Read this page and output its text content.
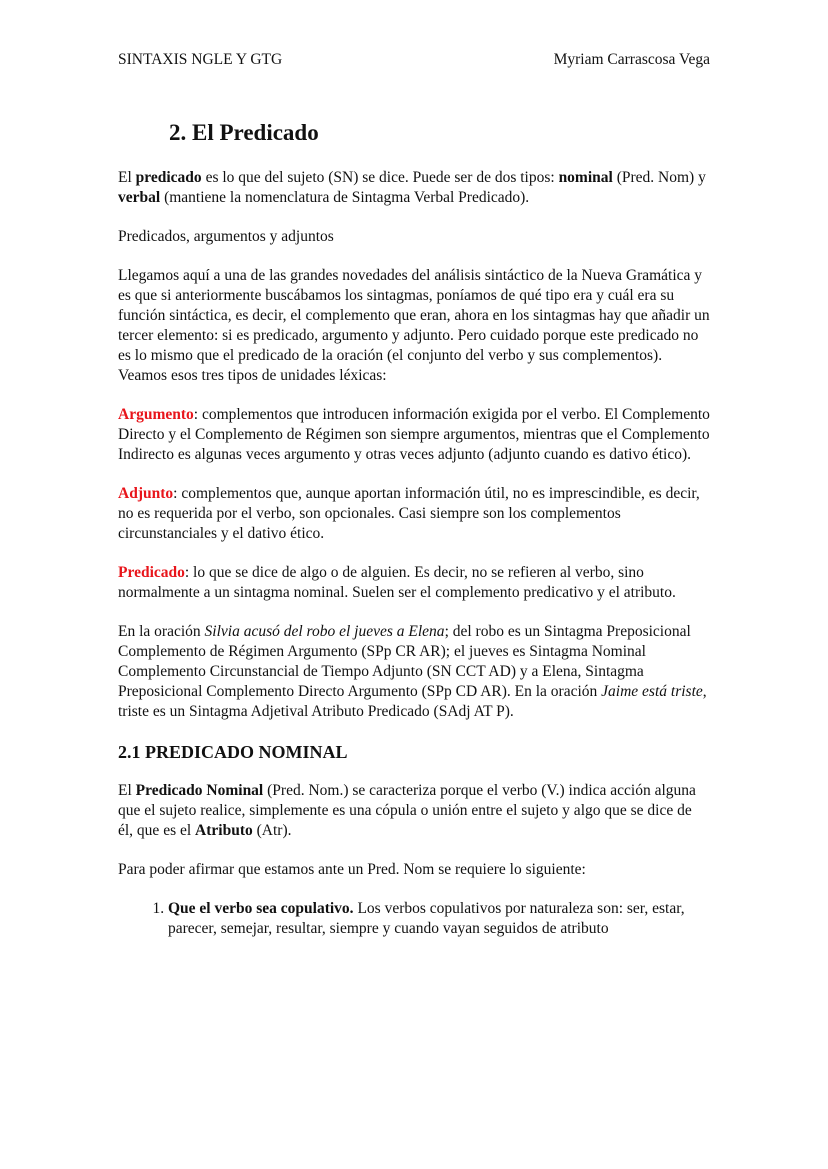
SINTAXIS NGLE Y GTG	Myriam Carrascosa Vega
2. El Predicado

El predicado es lo que del sujeto (SN) se dice. Puede ser de dos tipos: nominal (Pred. Nom) y verbal (mantiene la nomenclatura de Sintagma Verbal Predicado).

Predicados, argumentos y adjuntos

Llegamos aquí a una de las grandes novedades del análisis sintáctico de la Nueva Gramática y es que si anteriormente buscábamos los sintagmas, poníamos de qué tipo era y cuál era su función sintáctica, es decir, el complemento que eran, ahora en los sintagmas hay que añadir un tercer elemento: si es predicado, argumento y adjunto. Pero cuidado porque este predicado no es lo mismo que el predicado de la oración (el conjunto del verbo y sus complementos). Veamos esos tres tipos de unidades léxicas:

Argumento: complementos que introducen información exigida por el verbo. El Complemento Directo y el Complemento de Régimen son siempre argumentos, mientras que el Complemento Indirecto es algunas veces argumento y otras veces adjunto (adjunto cuando es dativo ético).

Adjunto: complementos que, aunque aportan información útil, no es imprescindible, es decir, no es requerida por el verbo, son opcionales. Casi siempre son los complementos circunstanciales y el dativo ético.

Predicado: lo que se dice de algo o de alguien. Es decir, no se refieren al verbo, sino normalmente a un sintagma nominal. Suelen ser el complemento predicativo y el atributo.

En la oración Silvia acusó del robo el jueves a Elena; del robo es un Sintagma Preposicional Complemento de Régimen Argumento (SPp CR AR); el jueves es Sintagma Nominal Complemento Circunstancial de Tiempo Adjunto (SN CCT AD) y a Elena, Sintagma Preposicional Complemento Directo Argumento (SPp CD AR). En la oración Jaime está triste, triste es un Sintagma Adjetival Atributo Predicado (SAdj AT P).

2.1 PREDICADO NOMINAL

El Predicado Nominal (Pred. Nom.) se caracteriza porque el verbo (V.) indica acción alguna que el sujeto realice, simplemente es una cópula o unión entre el sujeto y algo que se dice de él, que es el Atributo (Atr).

Para poder afirmar que estamos ante un Pred. Nom se requiere lo siguiente:

1. Que el verbo sea copulativo. Los verbos copulativos por naturaleza son: ser, estar, parecer, semejar, resultar, siempre y cuando vayan seguidos de atributo
